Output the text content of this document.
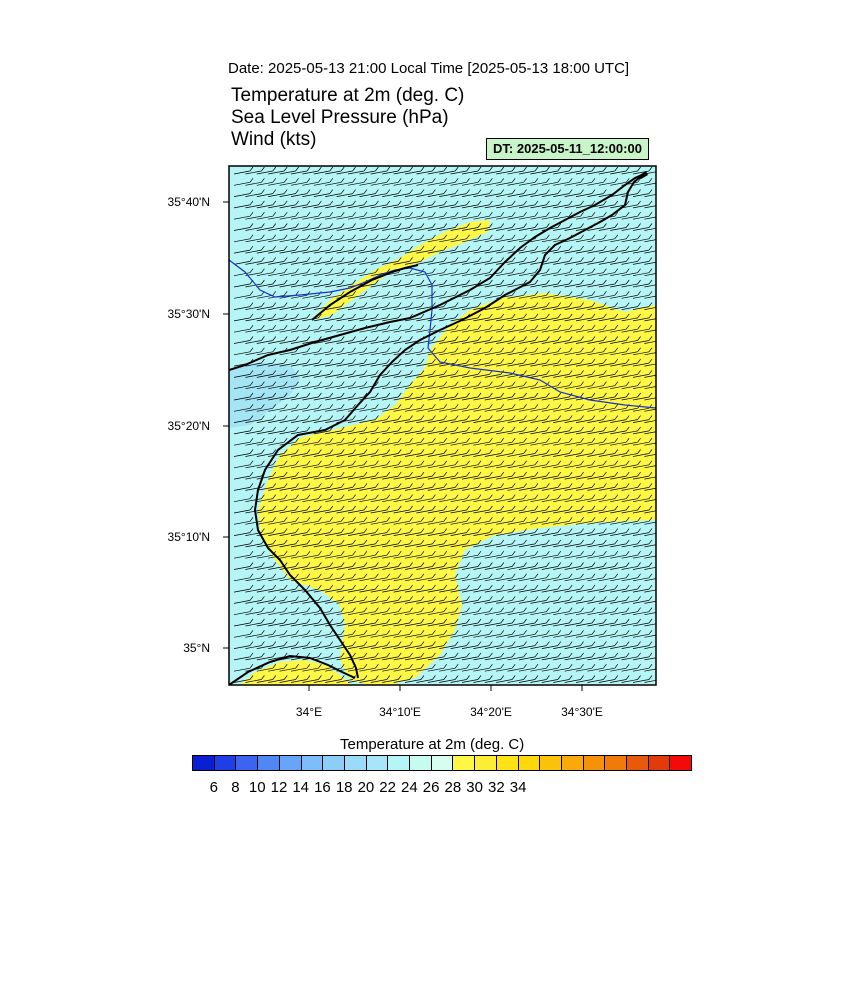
Date: 2025-05-13 21:00 Local Time [2025-05-13 18:00 UTC]
Temperature at 2m (deg. C)
Sea Level Pressure (hPa)
Wind (kts)	DT: 2025-05-11_12:00:00
35°40'N
35°30'N
35°20'N
35°10'N
35°N
34°E	34°10'E	34°20'E	34°30'E
Temperature at 2m (deg. C)
6 8 10 12 14 16 18 20 22 24 26 28 30 32 34
